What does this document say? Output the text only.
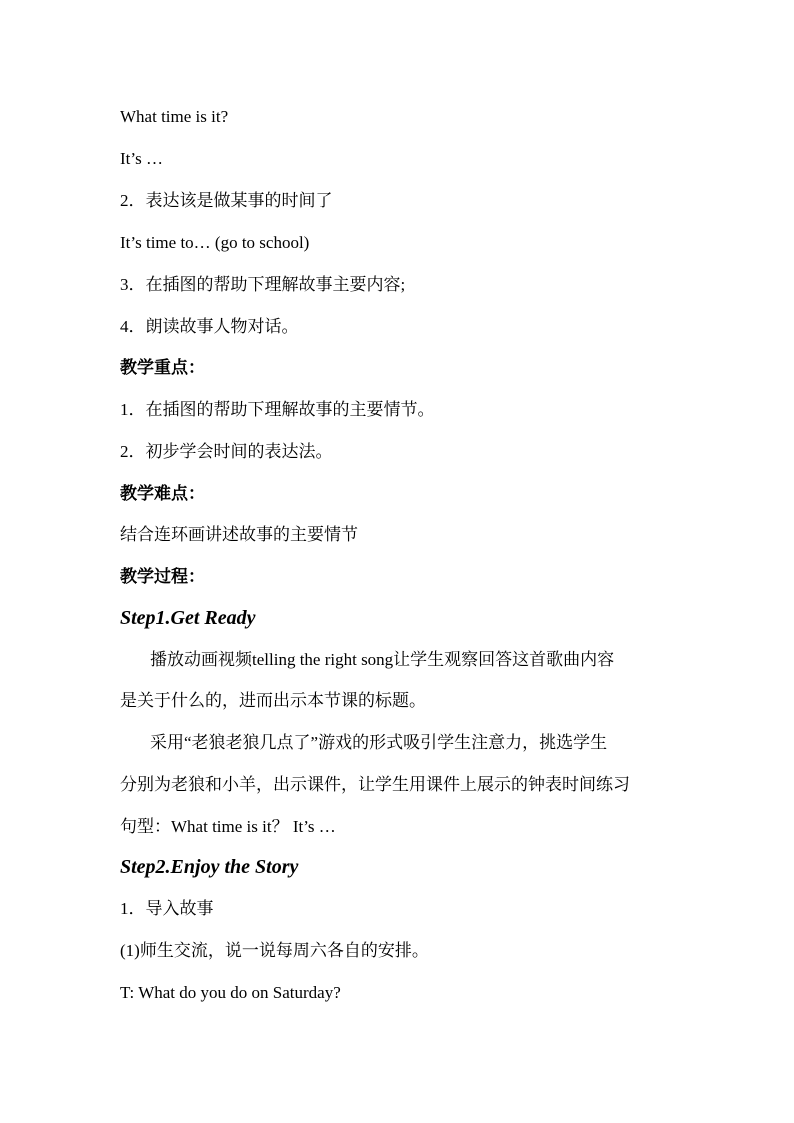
What time is it?
It’s …
2．表达该是做某事的时间了
It’s time to… (go to school)
3．在插图的帮助下理解故事主要内容;
4．朗读故事人物对话。
教学重点：
1．在插图的帮助下理解故事的主要情节。
2．初步学会时间的表达法。
教学难点：
结合连环画讲述故事的主要情节
教学过程：
Step1.Get Ready
播放动画视频telling the right song让学生观察回答这首歌曲内容
是关于什么的，进而出示本节课的标题。
采用“老狼老狼几点了”游戏的形式吸引学生注意力，挑选学生
分别为老狼和小羊，出示课件，让学生用课件上展示的钟表时间练习
句型：What time is it？ It’s …
Step2.Enjoy the Story
1．导入故事
(1)师生交流，说一说每周六各自的安排。
T: What do you do on Saturday?
